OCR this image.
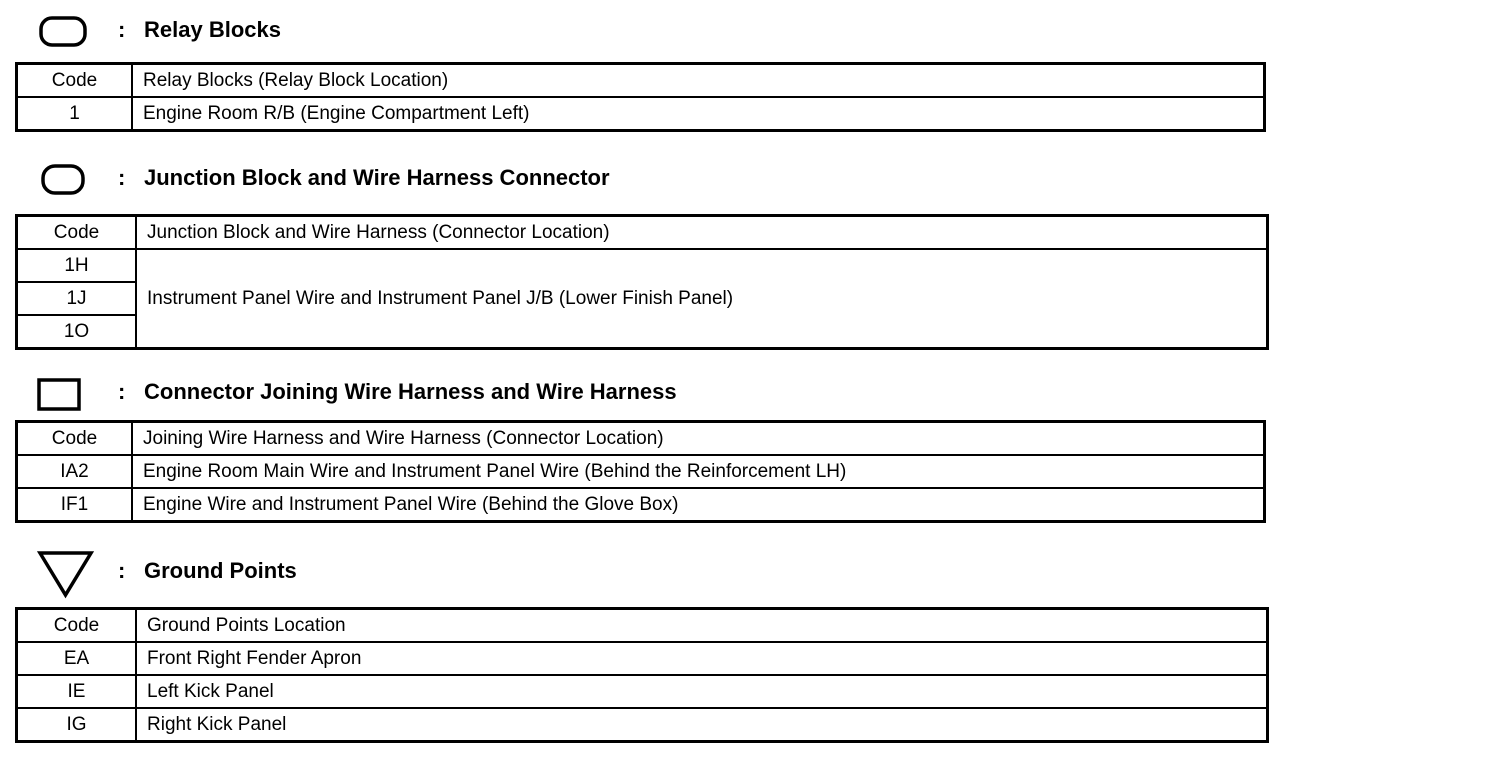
: Relay Blocks
Code	Relay Blocks (Relay Block Location)
1	Engine Room R/B (Engine Compartment Left)
: Junction Block and Wire Harness Connector
Code	Junction Block and Wire Harness (Connector Location)
1H	Instrument Panel Wire and Instrument Panel J/B (Lower Finish Panel)
1J	
1O	
: Connector Joining Wire Harness and Wire Harness
Code	Joining Wire Harness and Wire Harness (Connector Location)
IA2	Engine Room Main Wire and Instrument Panel Wire (Behind the Reinforcement LH)
IF1	Engine Wire and Instrument Panel Wire (Behind the Glove Box)
: Ground Points
Code	Ground Points Location
EA	Front Right Fender Apron
IE	Left Kick Panel
IG	Right Kick Panel
